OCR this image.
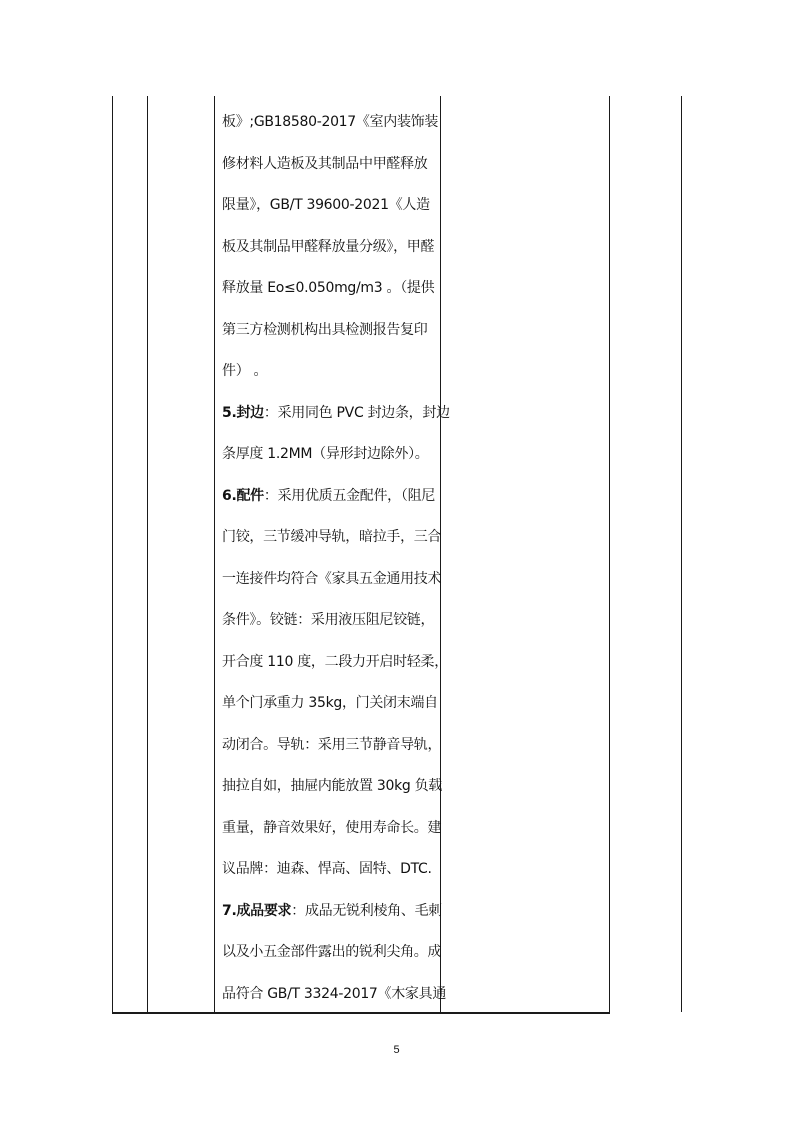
板》;GB18580-2017《室内装饰装
修材料人造板及其制品中甲醛释放
限量》，GB/T 39600-2021《人造
板及其制品甲醛释放量分级》，甲醛
释放量 Eo≤0.050mg/m3 。（提供
第三方检测机构出具检测报告复印
件） 。
5.封边：采用同色 PVC 封边条，封边
条厚度 1.2MM（异形封边除外）。
6.配件：采用优质五金配件，（阻尼
门铰，三节缓冲导轨，暗拉手，三合
一连接件均符合《家具五金通用技术
条件》。铰链：采用液压阻尼铰链，
开合度 110 度，二段力开启时轻柔，
单个门承重力 35kg，门关闭末端自
动闭合。导轨：采用三节静音导轨，
抽拉自如，抽屉内能放置 30kg 负载
重量，静音效果好，使用寿命长。建
议品牌：迪森、悍高、固特、DTC.
7.成品要求：成品无锐利棱角、毛刺
以及小五金部件露出的锐利尖角。成
品符合 GB/T 3324-2017《木家具通
5
